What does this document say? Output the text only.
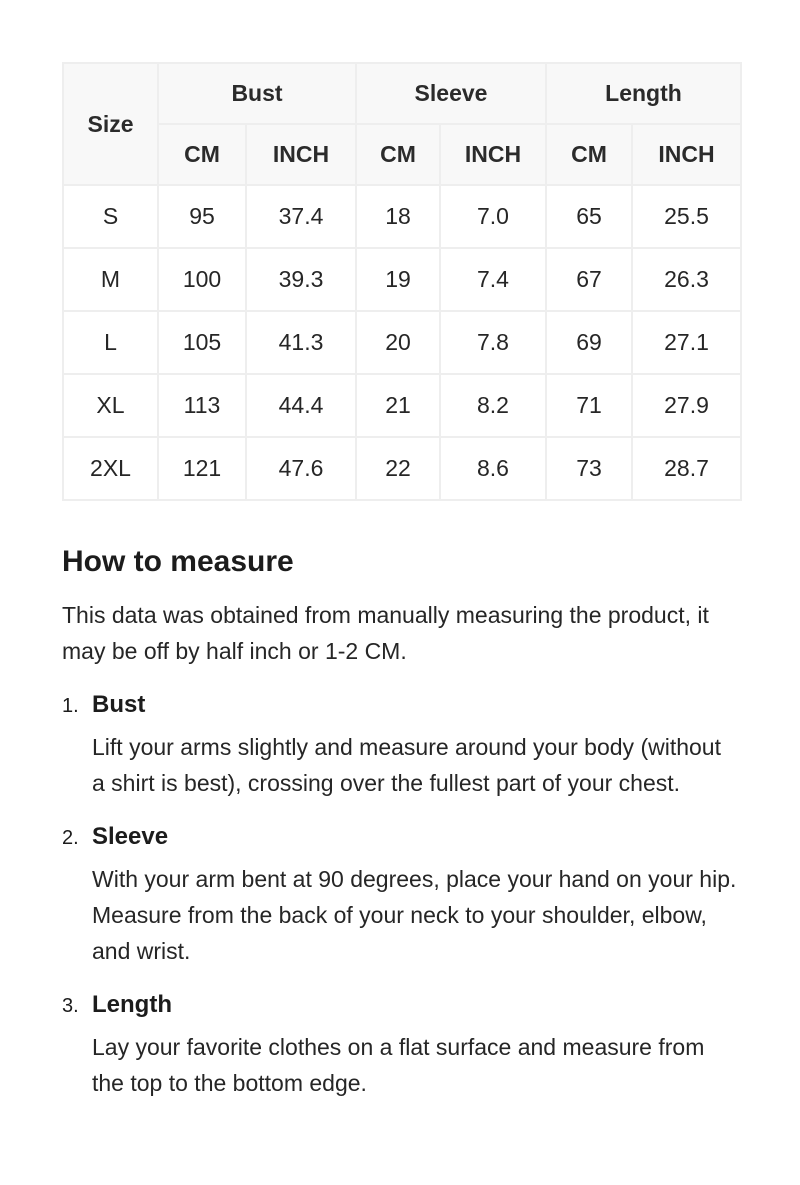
Size	Bust		Sleeve		Length	
	CM	INCH	CM	INCH	CM	INCH
S	95	37.4	18	7.0	65	25.5
M	100	39.3	19	7.4	67	26.3
L	105	41.3	20	7.8	69	27.1
XL	113	44.4	21	8.2	71	27.9
2XL	121	47.6	22	8.6	73	28.7
How to measure

This data was obtained from manually measuring the product, it may be off by half inch or 1-2 CM.

1. Bust

Lift your arms slightly and measure around your body (without a shirt is best), crossing over the fullest part of your chest.

2. Sleeve

With your arm bent at 90 degrees, place your hand on your hip. Measure from the back of your neck to your shoulder, elbow, and wrist.

3. Length

Lay your favorite clothes on a flat surface and measure from the top to the bottom edge.
